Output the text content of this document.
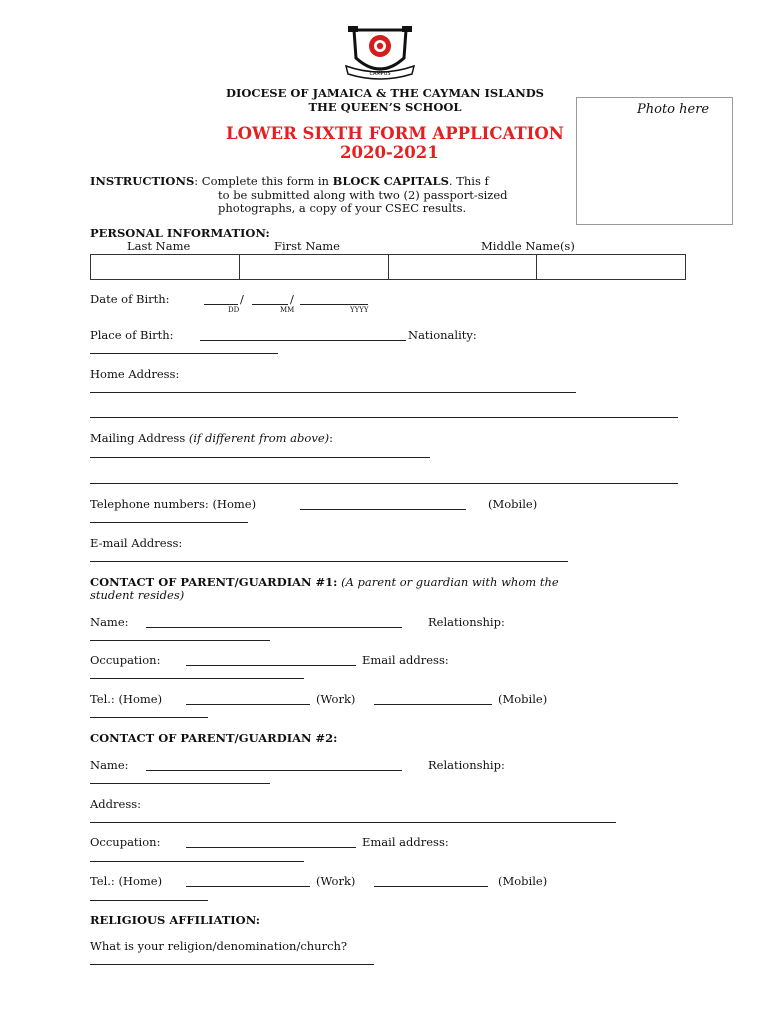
CAMPUS
DIOCESE OF JAMAICA & THE CAYMAN ISLANDS
THE QUEEN’S SCHOOL	Photo here
LOWER SIXTH FORM APPLICATION
2020-2021
INSTRUCTIONS: Complete this form in BLOCK CAPITALS. This f
to be submitted along with two (2) passport-sized
photographs, a copy of your CSEC results.
PERSONAL INFORMATION:
Last Name	First Name	Middle Name(s)

Date of Birth:	/	/
DD	MM	YYYY
Place of Birth:	Nationality:
Home Address:
Mailing Address (if different from above):
Telephone numbers: (Home)	(Mobile)
E-mail Address:
CONTACT OF PARENT/GUARDIAN #1: (A parent or guardian with whom the
student resides)
Name:	Relationship:
Occupation:	Email address:
Tel.: (Home)	(Work)	(Mobile)
CONTACT OF PARENT/GUARDIAN #2:
Name:	Relationship:
Address:
Occupation:	Email address:
Tel.: (Home)	(Work)	(Mobile)
RELIGIOUS AFFILIATION:
What is your religion/denomination/church?
